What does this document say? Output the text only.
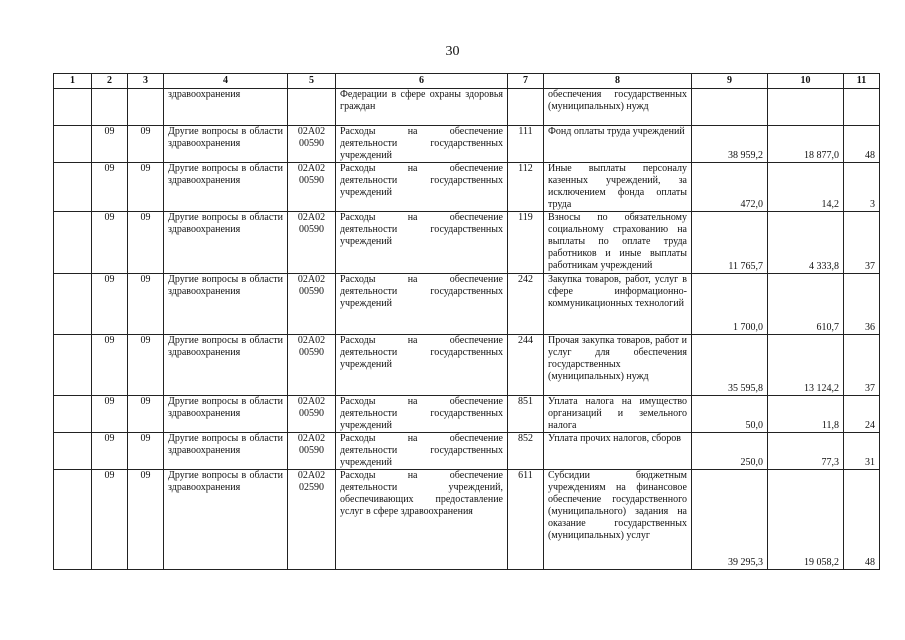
30
1	2	3	4	5	6	7	8	9	10	11
			здравоохранения		Федерации в сфере охраны здоровья граждан		обеспечения государственных (муниципальных) нужд			
	09	09	Другие вопросы в области здравоохранения	02А02 00590	Расходы на обеспечение деятельности государственных учреждений	111	Фонд оплаты труда учреждений	38 959,2	18 877,0	48
	09	09	Другие вопросы в области здравоохранения	02А02 00590	Расходы на обеспечение деятельности государственных учреждений	112	Иные выплаты персоналу казенных учреждений, за исключением фонда оплаты труда	472,0	14,2	3
	09	09	Другие вопросы в области здравоохранения	02А02 00590	Расходы на обеспечение деятельности государственных учреждений	119	Взносы по обязательному социальному страхованию на выплаты по оплате труда работников и иные выплаты работникам учреждений	11 765,7	4 333,8	37
	09	09	Другие вопросы в области здравоохранения	02А02 00590	Расходы на обеспечение деятельности государственных учреждений	242	Закупка товаров, работ, услуг в сфере информационно-коммуникационных технологий	1 700,0	610,7	36
	09	09	Другие вопросы в области здравоохранения	02А02 00590	Расходы на обеспечение деятельности государственных учреждений	244	Прочая закупка товаров, работ и услуг для обеспечения государственных (муниципальных) нужд	35 595,8	13 124,2	37
	09	09	Другие вопросы в области здравоохранения	02А02 00590	Расходы на обеспечение деятельности государственных учреждений	851	Уплата налога на имущество организаций и земельного налога	50,0	11,8	24
	09	09	Другие вопросы в области здравоохранения	02А02 00590	Расходы на обеспечение деятельности государственных учреждений	852	Уплата прочих налогов, сборов	250,0	77,3	31
	09	09	Другие вопросы в области здравоохранения	02А02 02590	Расходы на обеспечение деятельности учреждений, обеспечивающих предоставление услуг в сфере здравоохранения	611	Субсидии бюджетным учреждениям на финансовое обеспечение государственного (муниципального) задания на оказание государственных (муниципальных) услуг	39 295,3	19 058,2	48
